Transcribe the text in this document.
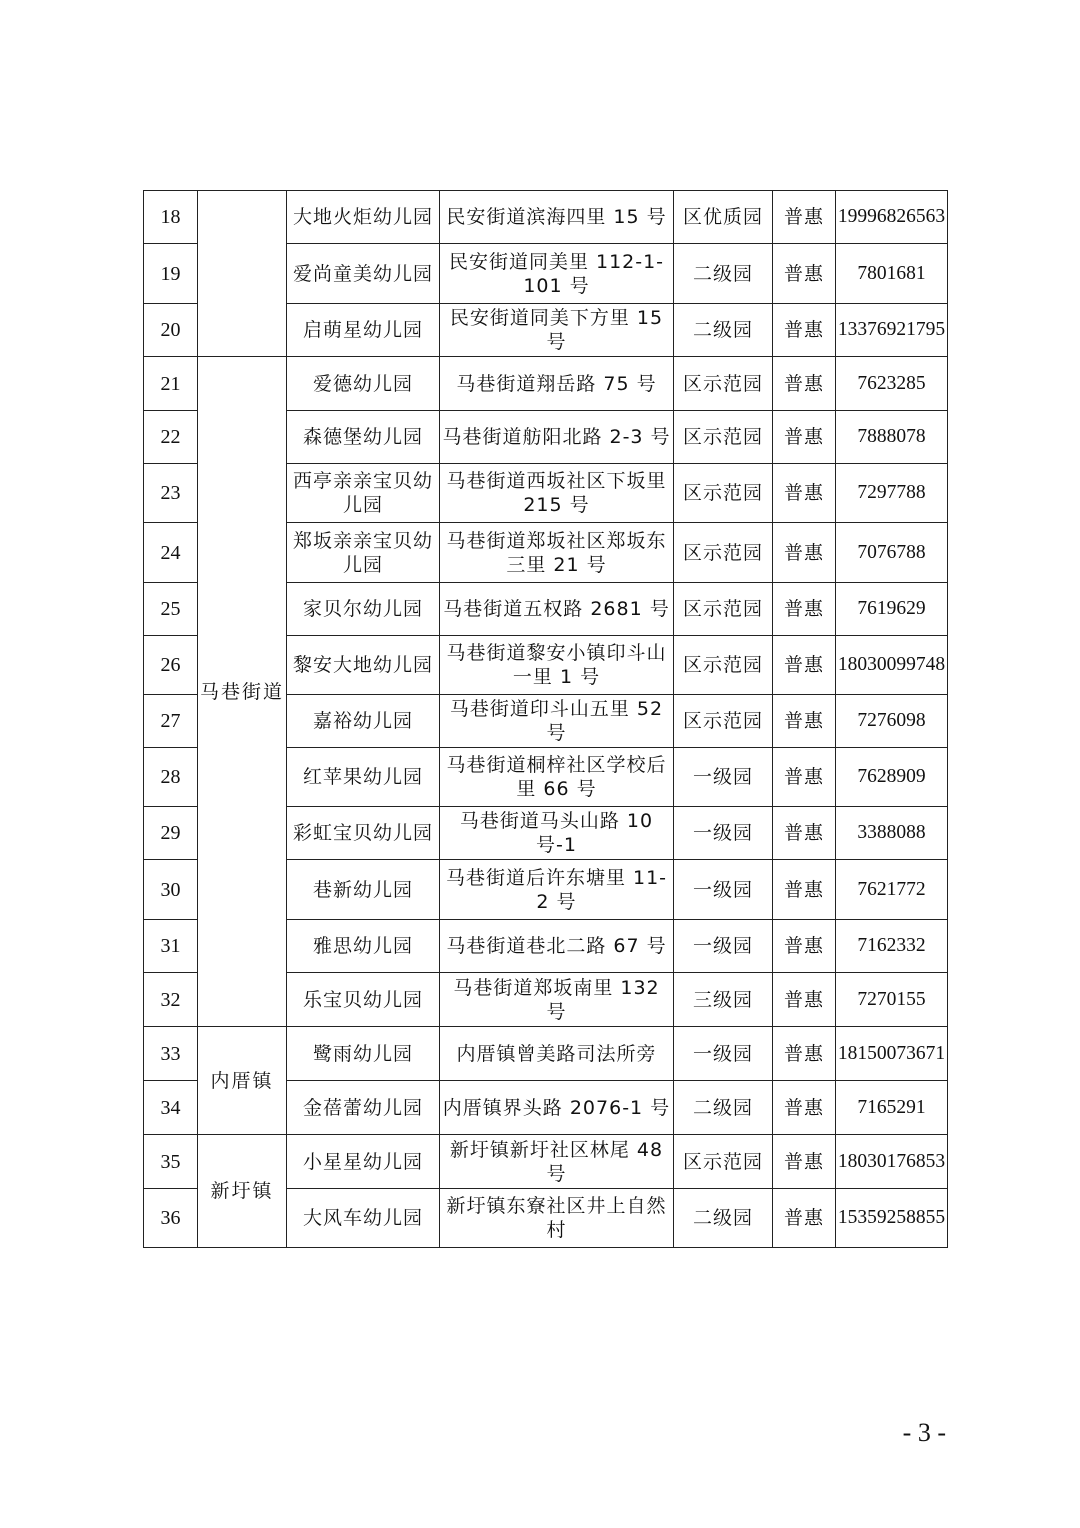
18		大地火炬幼儿园	民安街道滨海四里 15 号	区优质园	普惠	19996826563
19		爱尚童美幼儿园	民安街道同美里 112-1-101 号	二级园	普惠	7801681
20		启萌星幼儿园	民安街道同美下方里 15 号	二级园	普惠	13376921795
21	马巷街道	爱德幼儿园	马巷街道翔岳路 75 号	区示范园	普惠	7623285
22		森德堡幼儿园	马巷街道舫阳北路 2-3 号	区示范园	普惠	7888078
23		西亭亲亲宝贝幼儿园	马巷街道西坂社区下坂里 215 号	区示范园	普惠	7297788
24		郑坂亲亲宝贝幼儿园	马巷街道郑坂社区郑坂东三里 21 号	区示范园	普惠	7076788
25		家贝尔幼儿园	马巷街道五权路 2681 号	区示范园	普惠	7619629
26		黎安大地幼儿园	马巷街道黎安小镇印斗山一里 1 号	区示范园	普惠	18030099748
27		嘉裕幼儿园	马巷街道印斗山五里 52 号	区示范园	普惠	7276098
28		红苹果幼儿园	马巷街道桐梓社区学校后里 66 号	一级园	普惠	7628909
29		彩虹宝贝幼儿园	马巷街道马头山路 10 号-1	一级园	普惠	3388088
30		巷新幼儿园	马巷街道后许东塘里 11-2 号	一级园	普惠	7621772
31		雅思幼儿园	马巷街道巷北二路 67 号	一级园	普惠	7162332
32		乐宝贝幼儿园	马巷街道郑坂南里 132 号	三级园	普惠	7270155
33	内厝镇	鹭雨幼儿园	内厝镇曾美路司法所旁	一级园	普惠	18150073671
34		金蓓蕾幼儿园	内厝镇界头路 2076-1 号	二级园	普惠	7165291
35	新圩镇	小星星幼儿园	新圩镇新圩社区林尾 48 号	区示范园	普惠	18030176853
36		大风车幼儿园	新圩镇东寮社区井上自然村	二级园	普惠	15359258855
- 3 -
